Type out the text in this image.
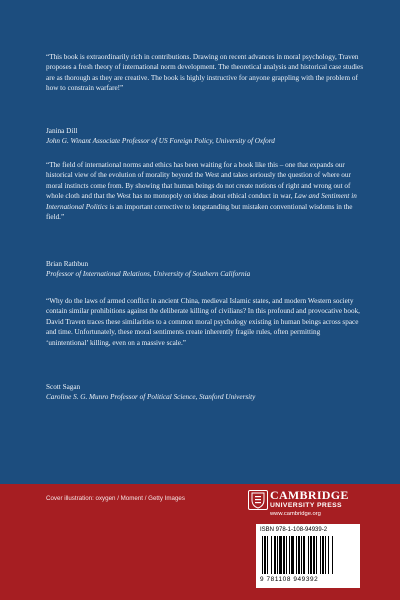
“This book is extraordinarily rich in contributions. Drawing on recent advances in moral psychology, Traven proposes a fresh theory of international norm development. The theoretical analysis and historical case studies are as thorough as they are creative. The book is highly instructive for anyone grappling with the problem of how to constrain warfare!”

Janina Dill
John G. Winant Associate Professor of US Foreign Policy, University of Oxford

“The field of international norms and ethics has been waiting for a book like this – one that expands our historical view of the evolution of morality beyond the West and takes seriously the question of where our moral instincts come from. By showing that human beings do not create notions of right and wrong out of whole cloth and that the West has no monopoly on ideas about ethical conduct in war, Law and Sentiment in International Politics is an important corrective to longstanding but mistaken conventional wisdoms in the field.”

Brian Rathbun
Professor of International Relations, University of Southern California

“Why do the laws of armed conflict in ancient China, medieval Islamic states, and modern Western society contain similar prohibitions against the deliberate killing of civilians? In this profound and provocative book, David Traven traces these similarities to a common moral psychology existing in human beings across space and time. Unfortunately, these moral sentiments create inherently fragile rules, often permitting ‘unintentional’ killing, even on a massive scale.”

Scott Sagan
Caroline S. G. Munro Professor of Political Science, Stanford University
Cover illustration: oxygen / Moment / Getty Images	CAMBRIDGE
UNIVERSITY PRESS
www.cambridge.org
ISBN 978-1-108-94939-2
9 781108 949392
